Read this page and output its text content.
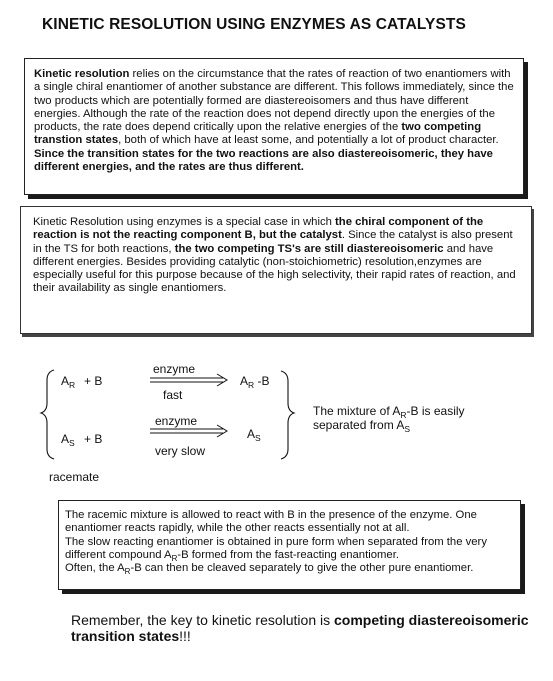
KINETIC RESOLUTION USING ENZYMES AS CATALYSTS

Kinetic resolution relies on the circumstance that the rates of reaction of two enantiomers with a single chiral enantiomer of another substance are different. This follows immediately, since the two products which are potentially formed are diastereoisomers and thus have different energies. Although the rate of the reaction does not depend directly upon the energies of the products, the rate does depend critically upon the relative energies of the two competing transtion states, both of which have at least some, and potentially a lot of product character. Since the transition states for the two reactions are also diastereoisomeric, they have different energies, and the rates are thus different.

Kinetic Resolution using enzymes is a special case in which the chiral component of the reaction is not the reacting component B, but the catalyst. Since the catalyst is also present in the TS for both reactions, the two competing TS's are still diastereoisomeric and have different energies. Besides providing catalytic (non-stoichiometric) resolution,enzymes are especially useful for this purpose because of the high selectivity, their rapid rates of reaction, and their availability as single enantiomers.

$A_R + B$
enzyme
fast
$A_R$ -B
$A_S + B$
enzyme
very slow
$A_S$
The mixture of $A_R-B$ is easily
separated from $A_S$
racemate

The racemic mixture is allowed to react with B in the presence of the enzyme. One enantiomer reacts rapidly, while the other reacts essentially not at all.

The slow reacting enantiomer is obtained in pure form when separated from the very different compound $A_R-B$ formed from the fast-reacting enantiomer.

Often, the $A_R-B$ can then be cleaved separately to give the other pure enantiomer.

Remember, the key to kinetic resolution is competing diastereoisomeric transition states!!!
